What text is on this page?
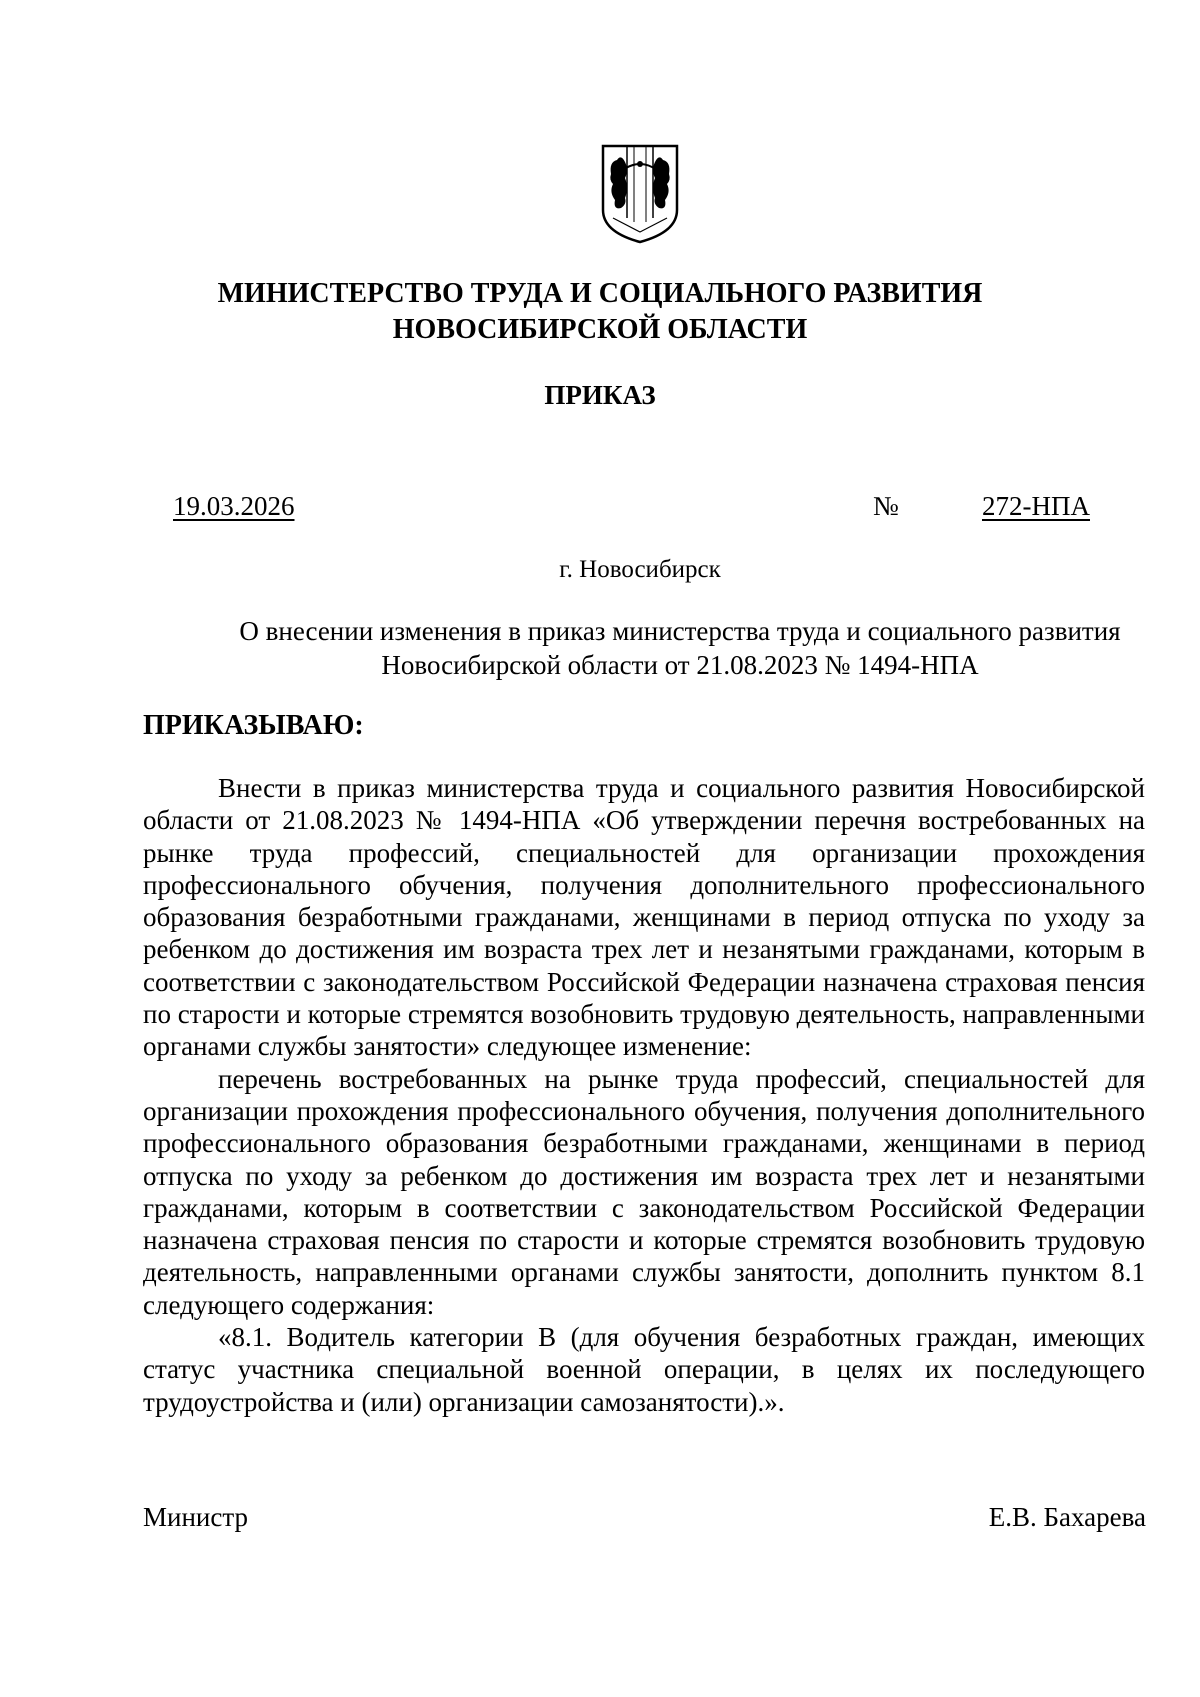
МИНИСТЕРСТВО ТРУДА И СОЦИАЛЬНОГО РАЗВИТИЯ
НОВОСИБИРСКОЙ ОБЛАСТИ
ПРИКАЗ
19.03.2026	№	272-НПА
г. Новосибирск
О внесении изменения в приказ министерства труда и социального развития
Новосибирской области от 21.08.2023 № 1494-НПА
ПРИКАЗЫВАЮ:

Внести в приказ министерства труда и социального развития Новосибирской области от 21.08.2023 № 1494-НПА «Об утверждении перечня востребованных на рынке труда профессий, специальностей для организации прохождения профессионального обучения, получения дополнительного профессионального образования безработными гражданами, женщинами в период отпуска по уходу за ребенком до достижения им возраста трех лет и незанятыми гражданами, которым в соответствии с законодательством Российской Федерации назначена страховая пенсия по старости и которые стремятся возобновить трудовую деятельность, направленными органами службы занятости» следующее изменение:

перечень востребованных на рынке труда профессий, специальностей для организации прохождения профессионального обучения, получения дополнительного профессионального образования безработными гражданами, женщинами в период отпуска по уходу за ребенком до достижения им возраста трех лет и незанятыми гражданами, которым в соответствии с законодательством Российской Федерации назначена страховая пенсия по старости и которые стремятся возобновить трудовую деятельность, направленными органами службы занятости, дополнить пунктом 8.1 следующего содержания:

«8.1. Водитель категории B (для обучения безработных граждан, имеющих статус участника специальной военной операции, в целях их последующего трудоустройства и (или) организации самозанятости).».

Министр	Е.В. Бахарева
